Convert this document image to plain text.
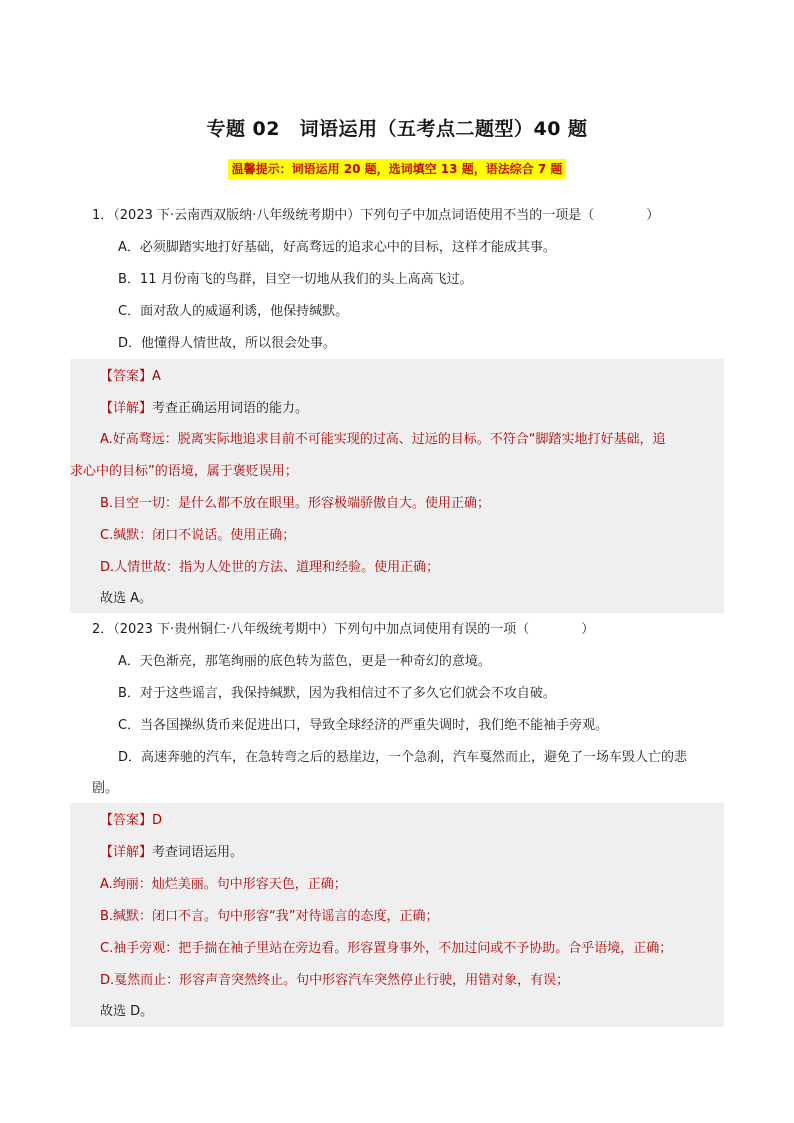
专题 02　词语运用（五考点二题型）40 题
温馨提示：词语运用 20 题，选词填空 13 题，语法综合 7 题
1．（2023 下·云南西双版纳·八年级统考期中）下列句子中加点词语使用不当的一项是（　　　　）
A．必须脚踏实地打好基础，好高骛远的追求心中的目标，这样才能成其事。
B．11 月份南飞的鸟群，目空一切地从我们的头上高高飞过。
C．面对敌人的威逼利诱，他保持缄默。
D．他懂得人情世故，所以很会处事。
【答案】A
【详解】考查正确运用词语的能力。
A.好高骛远：脱离实际地追求目前不可能实现的过高、过远的目标。不符合“脚踏实地打好基础，追
求心中的目标”的语境，属于褒贬误用；
B.目空一切：是什么都不放在眼里。形容极端骄傲自大。使用正确；
C.缄默：闭口不说话。使用正确；
D.人情世故：指为人处世的方法、道理和经验。使用正确；
故选 A。
2．（2023 下·贵州铜仁·八年级统考期中）下列句中加点词使用有误的一项（　　　　）
A．天色渐亮，那笔绚丽的底色转为蓝色，更是一种奇幻的意境。
B．对于这些谣言，我保持缄默，因为我相信过不了多久它们就会不攻自破。
C．当各国操纵货币来促进出口，导致全球经济的严重失调时，我们绝不能袖手旁观。
D．高速奔驰的汽车，在急转弯之后的悬崖边，一个急刹，汽车戛然而止，避免了一场车毁人亡的悲
剧。
【答案】D
【详解】考查词语运用。
A.绚丽：灿烂美丽。句中形容天色，正确；
B.缄默：闭口不言。句中形容“我”对待谣言的态度，正确；
C.袖手旁观：把手揣在袖子里站在旁边看。形容置身事外，不加过问或不予协助。合乎语境，正确；
D.戛然而止：形容声音突然终止。句中形容汽车突然停止行驶，用错对象，有误；
故选 D。
